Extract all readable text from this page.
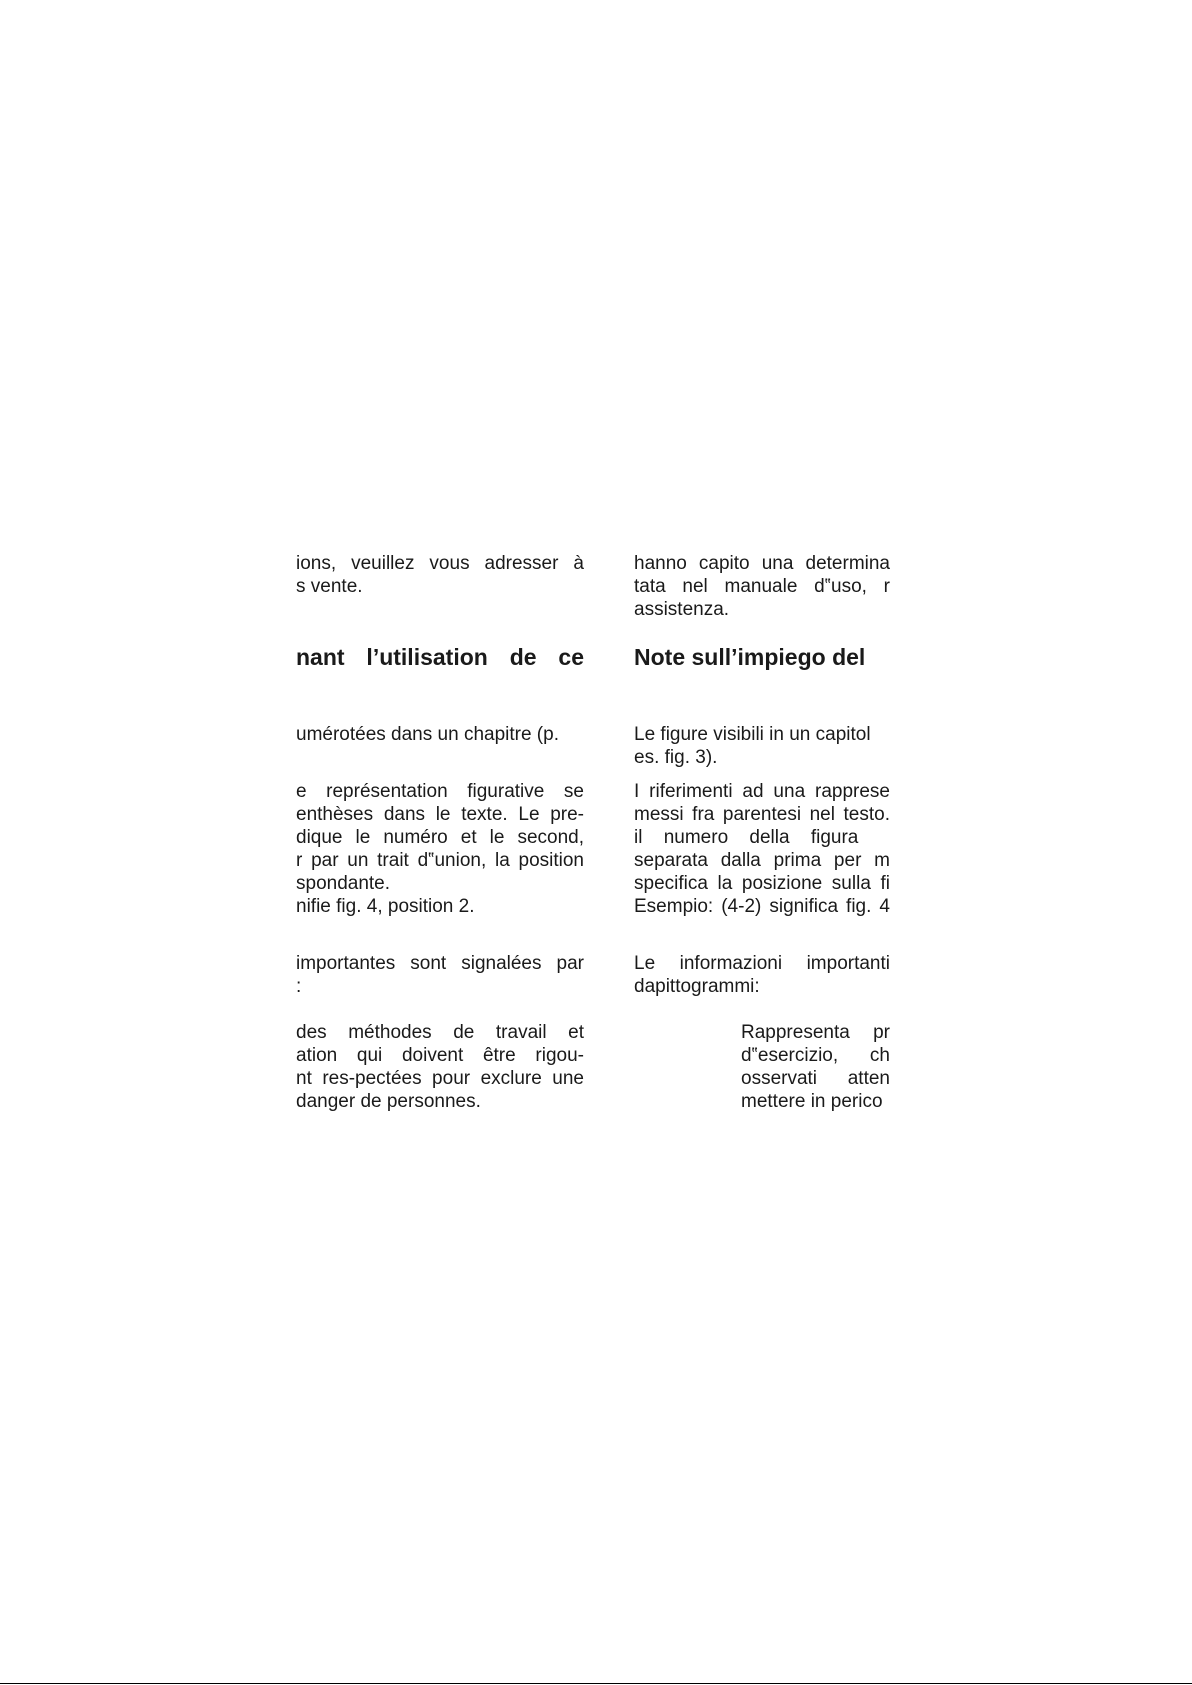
ions, veuillez vous adresser à
s vente.
nant l’utilisation de ce
umérotées dans un chapitre (p.
e représentation figurative se
enthèses dans le texte. Le pre-
dique le numéro et le second,
r par un trait d‟union, la position
spondante.
nifie fig. 4, position 2.
importantes sont signalées par
:
des méthodes de travail et
ation qui doivent être rigou-
nt res-pectées pour exclure une
danger de personnes.
hanno capito una determina
tata nel manuale d‟uso, r
assistenza.
Note sull’impiego del
Le figure visibili in un capitol
es. fig. 3).
I riferimenti ad una rapprese
messi fra parentesi nel testo.
il numero della figura
separata dalla prima per m
specifica la posizione sulla fi
Esempio: (4-2) significa fig. 4
Le informazioni importanti
dapittogrammi:
Rappresenta pr
d‟esercizio, ch
osservati atten
mettere in perico
